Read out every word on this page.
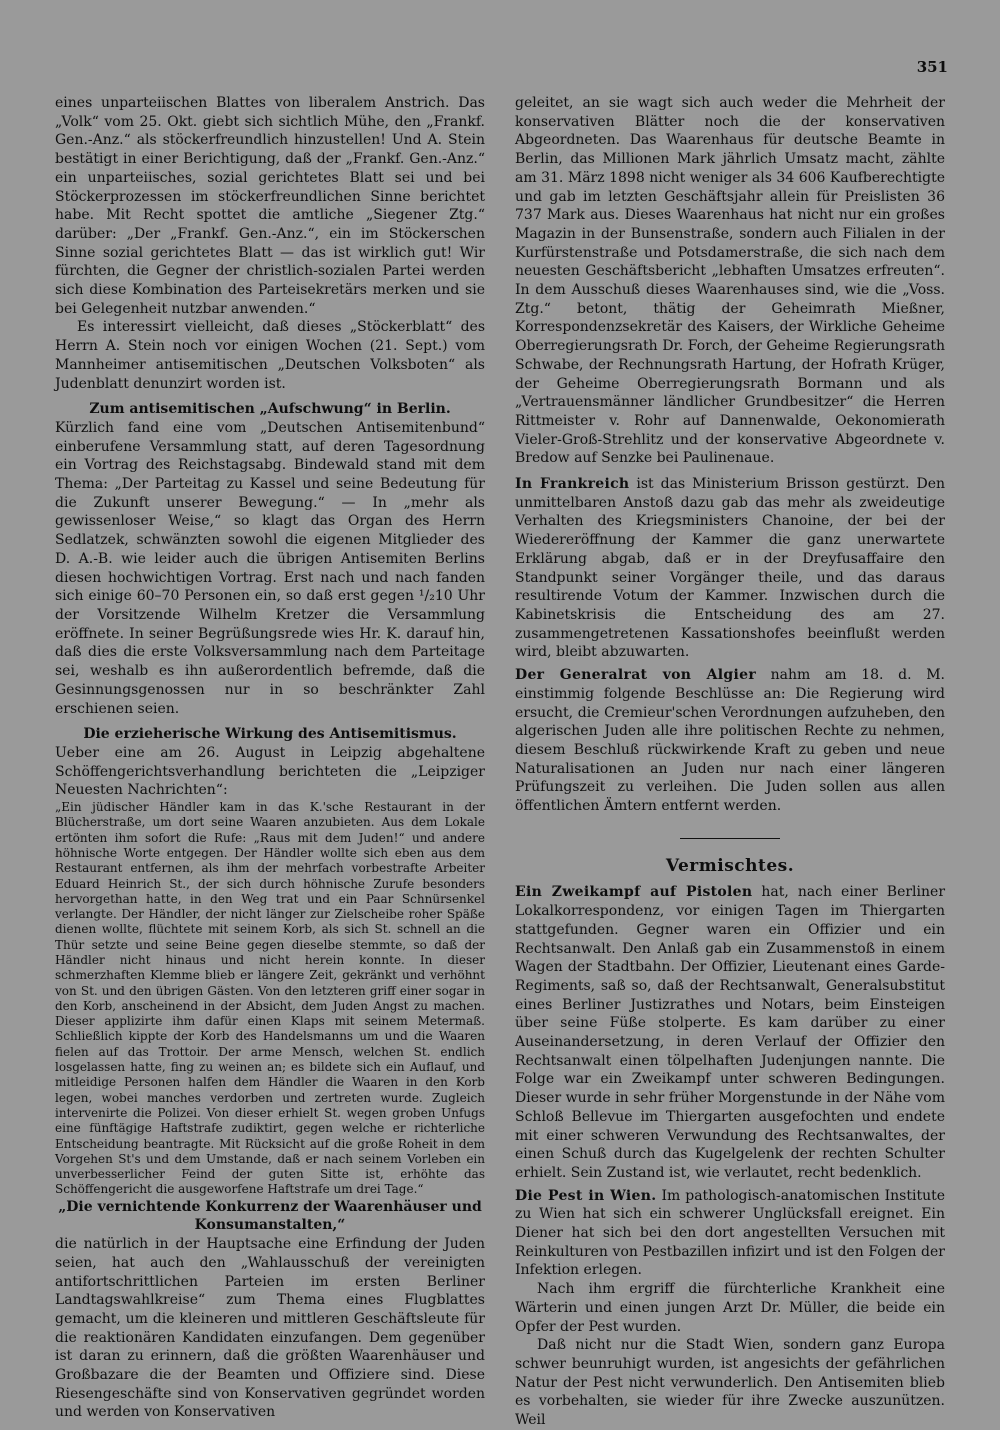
351

eines unparteiischen Blattes von liberalem Anstrich. Das „Volk“ vom 25. Okt. giebt sich sichtlich Mühe, den „Frankf. Gen.-Anz.“ als stöckerfreundlich hinzustellen! Und A. Stein bestätigt in einer Berichtigung, daß der „Frankf. Gen.-Anz.“ ein unparteiisches, sozial gerichtetes Blatt sei und bei Stöckerprozessen im stöckerfreundlichen Sinne berichtet habe. Mit Recht spottet die amtliche „Siegener Ztg.“ darüber: „Der „Frankf. Gen.-Anz.“, ein im Stöckerschen Sinne sozial gerichtetes Blatt — das ist wirklich gut! Wir fürchten, die Gegner der christlich-sozialen Partei werden sich diese Kombination des Parteisekretärs merken und sie bei Gelegenheit nutzbar anwenden.“

Es interessirt vielleicht, daß dieses „Stöckerblatt“ des Herrn A. Stein noch vor einigen Wochen (21. Sept.) vom Mannheimer antisemitischen „Deutschen Volksboten“ als Judenblatt denunzirt worden ist.

Zum antisemitischen „Aufschwung“ in Berlin.

Kürzlich fand eine vom „Deutschen Antisemitenbund“ einberufene Versammlung statt, auf deren Tagesordnung ein Vortrag des Reichstagsabg. Bindewald stand mit dem Thema: „Der Parteitag zu Kassel und seine Bedeutung für die Zukunft unserer Bewegung.“ — In „mehr als gewissenloser Weise,“ so klagt das Organ des Herrn Sedlatzek, schwänzten sowohl die eigenen Mitglieder des D. A.-B. wie leider auch die übrigen Antisemiten Berlins diesen hochwichtigen Vortrag. Erst nach und nach fanden sich einige 60–70 Personen ein, so daß erst gegen ¹/₂10 Uhr der Vorsitzende Wilhelm Kretzer die Versammlung eröffnete. In seiner Begrüßungsrede wies Hr. K. darauf hin, daß dies die erste Volksversammlung nach dem Parteitage sei, weshalb es ihn außerordentlich befremde, daß die Gesinnungsgenossen nur in so beschränkter Zahl erschienen seien.

Die erzieherische Wirkung des Antisemitismus.

Ueber eine am 26. August in Leipzig abgehaltene Schöffengerichtsverhandlung berichteten die „Leipziger Neuesten Nachrichten“:

„Ein jüdischer Händler kam in das K.'sche Restaurant in der Blücherstraße, um dort seine Waaren anzubieten. Aus dem Lokale ertönten ihm sofort die Rufe: „Raus mit dem Juden!“ und andere höhnische Worte entgegen. Der Händler wollte sich eben aus dem Restaurant entfernen, als ihm der mehrfach vorbestrafte Arbeiter Eduard Heinrich St., der sich durch höhnische Zurufe besonders hervorgethan hatte, in den Weg trat und ein Paar Schnürsenkel verlangte. Der Händler, der nicht länger zur Zielscheibe roher Späße dienen wollte, flüchtete mit seinem Korb, als sich St. schnell an die Thür setzte und seine Beine gegen dieselbe stemmte, so daß der Händler nicht hinaus und nicht herein konnte. In dieser schmerzhaften Klemme blieb er längere Zeit, gekränkt und verhöhnt von St. und den übrigen Gästen. Von den letzteren griff einer sogar in den Korb, anscheinend in der Absicht, dem Juden Angst zu machen. Dieser applizirte ihm dafür einen Klaps mit seinem Metermaß. Schließlich kippte der Korb des Handelsmanns um und die Waaren fielen auf das Trottoir. Der arme Mensch, welchen St. endlich losgelassen hatte, fing zu weinen an; es bildete sich ein Auflauf, und mitleidige Personen halfen dem Händler die Waaren in den Korb legen, wobei manches verdorben und zertreten wurde. Zugleich intervenirte die Polizei. Von dieser erhielt St. wegen groben Unfugs eine fünftägige Haftstrafe zudiktirt, gegen welche er richterliche Entscheidung beantragte. Mit Rücksicht auf die große Roheit in dem Vorgehen St's und dem Umstande, daß er nach seinem Vorleben ein unverbesserlicher Feind der guten Sitte ist, erhöhte das Schöffengericht die ausgeworfene Haftstrafe um drei Tage.“

„Die vernichtende Konkurrenz der Waarenhäuser und Konsumanstalten,“

die natürlich in der Hauptsache eine Erfindung der Juden seien, hat auch den „Wahlausschuß der vereinigten antifortschrittlichen Parteien im ersten Berliner Landtagswahlkreise“ zum Thema eines Flugblattes gemacht, um die kleineren und mittleren Geschäftsleute für die reaktionären Kandidaten einzufangen. Dem gegenüber ist daran zu erinnern, daß die größten Waarenhäuser und Großbazare die der Beamten und Offiziere sind. Diese Riesengeschäfte sind von Konservativen gegründet worden und werden von Konservativen

geleitet, an sie wagt sich auch weder die Mehrheit der konservativen Blätter noch die der konservativen Abgeordneten. Das Waarenhaus für deutsche Beamte in Berlin, das Millionen Mark jährlich Umsatz macht, zählte am 31. März 1898 nicht weniger als 34 606 Kaufberechtigte und gab im letzten Geschäftsjahr allein für Preislisten 36 737 Mark aus. Dieses Waarenhaus hat nicht nur ein großes Magazin in der Bunsenstraße, sondern auch Filialen in der Kurfürstenstraße und Potsdamerstraße, die sich nach dem neuesten Geschäftsbericht „lebhaften Umsatzes erfreuten“. In dem Ausschuß dieses Waarenhauses sind, wie die „Voss. Ztg.“ betont, thätig der Geheimrath Mießner, Korrespondenzsekretär des Kaisers, der Wirkliche Geheime Oberregierungsrath Dr. Forch, der Geheime Regierungsrath Schwabe, der Rechnungsrath Hartung, der Hofrath Krüger, der Geheime Oberregierungsrath Bormann und als „Vertrauensmänner ländlicher Grundbesitzer“ die Herren Rittmeister v. Rohr auf Dannenwalde, Oekonomierath Vieler-Groß-Strehlitz und der konservative Abgeordnete v. Bredow auf Senzke bei Paulinenaue.

In Frankreich ist das Ministerium Brisson gestürzt. Den unmittelbaren Anstoß dazu gab das mehr als zweideutige Verhalten des Kriegsministers Chanoine, der bei der Wiedereröffnung der Kammer die ganz unerwartete Erklärung abgab, daß er in der Dreyfusaffaire den Standpunkt seiner Vorgänger theile, und das daraus resultirende Votum der Kammer. Inzwischen durch die Kabinetskrisis die Entscheidung des am 27. zusammengetretenen Kassationshofes beeinflußt werden wird, bleibt abzuwarten.

Der Generalrat von Algier nahm am 18. d. M. einstimmig folgende Beschlüsse an: Die Regierung wird ersucht, die Cremieur'schen Verordnungen aufzuheben, den algerischen Juden alle ihre politischen Rechte zu nehmen, diesem Beschluß rückwirkende Kraft zu geben und neue Naturalisationen an Juden nur nach einer längeren Prüfungszeit zu verleihen. Die Juden sollen aus allen öffentlichen Ämtern entfernt werden.

Vermischtes.

Ein Zweikampf auf Pistolen hat, nach einer Berliner Lokalkorrespondenz, vor einigen Tagen im Thiergarten stattgefunden. Gegner waren ein Offizier und ein Rechtsanwalt. Den Anlaß gab ein Zusammenstoß in einem Wagen der Stadtbahn. Der Offizier, Lieutenant eines Garde-Regiments, saß so, daß der Rechtsanwalt, Generalsubstitut eines Berliner Justizrathes und Notars, beim Einsteigen über seine Füße stolperte. Es kam darüber zu einer Auseinandersetzung, in deren Verlauf der Offizier den Rechtsanwalt einen tölpelhaften Judenjungen nannte. Die Folge war ein Zweikampf unter schweren Bedingungen. Dieser wurde in sehr früher Morgenstunde in der Nähe vom Schloß Bellevue im Thiergarten ausgefochten und endete mit einer schweren Verwundung des Rechtsanwaltes, der einen Schuß durch das Kugelgelenk der rechten Schulter erhielt. Sein Zustand ist, wie verlautet, recht bedenklich.

Die Pest in Wien. Im pathologisch-anatomischen Institute zu Wien hat sich ein schwerer Unglücksfall ereignet. Ein Diener hat sich bei den dort angestellten Versuchen mit Reinkulturen von Pestbazillen infizirt und ist den Folgen der Infektion erlegen.

Nach ihm ergriff die fürchterliche Krankheit eine Wärterin und einen jungen Arzt Dr. Müller, die beide ein Opfer der Pest wurden.

Daß nicht nur die Stadt Wien, sondern ganz Europa schwer beunruhigt wurden, ist angesichts der gefährlichen Natur der Pest nicht verwunderlich. Den Antisemiten blieb es vorbehalten, sie wieder für ihre Zwecke auszunützen. Weil
